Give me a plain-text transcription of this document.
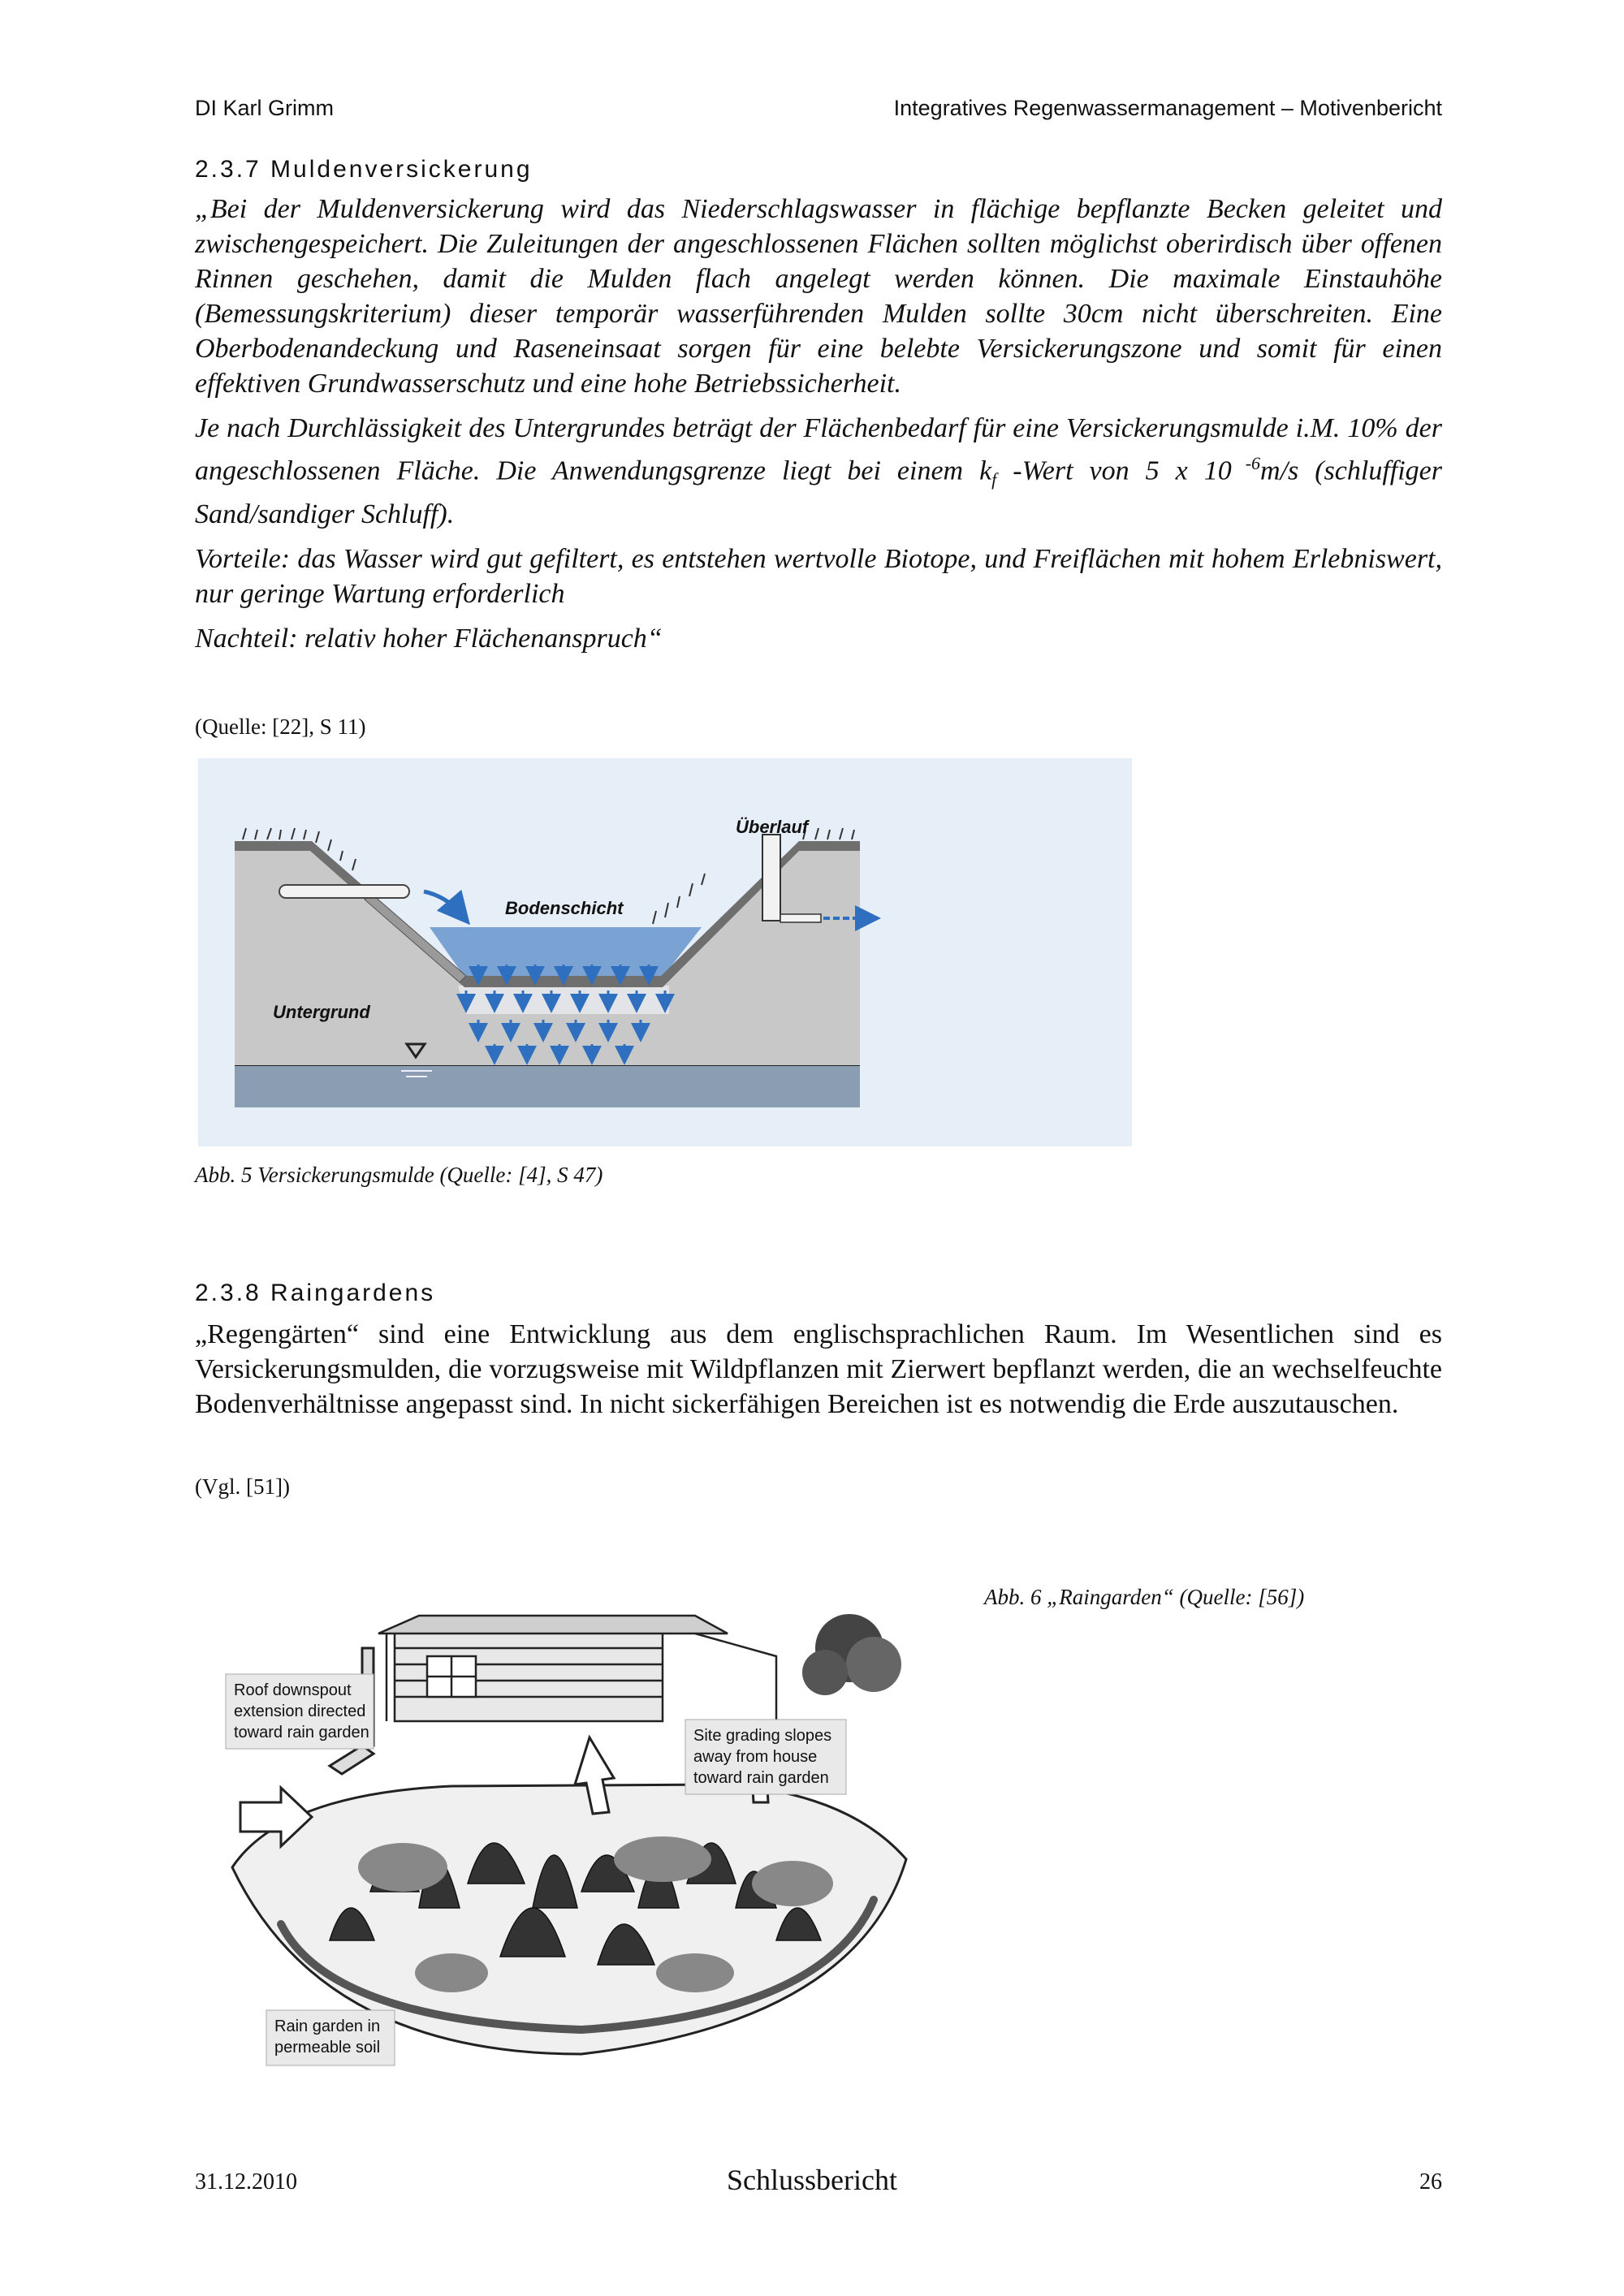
DI Karl Grimm	Integratives Regenwassermanagement – Motivenbericht
2.3.7 Muldenversickerung

„Bei der Muldenversickerung wird das Niederschlagswasser in flächige bepflanzte Becken geleitet und zwischengespeichert. Die Zuleitungen der angeschlossenen Flächen sollten möglichst oberirdisch über offenen Rinnen geschehen, damit die Mulden flach angelegt werden können. Die maximale Einstauhöhe (Bemessungskriterium) dieser temporär wasserführenden Mulden sollte 30cm nicht überschreiten. Eine Oberbodenandeckung und Raseneinsaat sorgen für eine belebte Versickerungszone und somit für einen effektiven Grundwasserschutz und eine hohe Betriebssicherheit.

Je nach Durchlässigkeit des Untergrundes beträgt der Flächenbedarf für eine Versickerungsmulde i.M. 10% der angeschlossenen Fläche. Die Anwendungsgrenze liegt bei einem $k_f$ -Wert von 5 x 10 $^{-6}$m/s (schluffiger Sand/sandiger Schluff).

Vorteile: das Wasser wird gut gefiltert, es entstehen wertvolle Biotope, und Freiflächen mit hohem Erlebniswert, nur geringe Wartung erforderlich

Nachteil: relativ hoher Flächenanspruch“

(Quelle: [22], S 11)
Überlauf
Bodenschicht
Untergrund
Abb. 5 Versickerungsmulde (Quelle: [4], S 47)
2.3.8 Raingardens

„Regengärten“ sind eine Entwicklung aus dem englischsprachlichen Raum. Im Wesentlichen sind es Versickerungsmulden, die vorzugsweise mit Wildpflanzen mit Zierwert bepflanzt werden, die an wechselfeuchte Bodenverhältnisse angepasst sind. In nicht sickerfähigen Bereichen ist es notwendig die Erde auszutauschen.

(Vgl. [51])
Abb. 6 „Raingarden“ (Quelle: [56])
Roof downspout extension directed toward rain garden	Site grading slopes away from house toward rain garden
Rain garden in permeable soil
31.12.2010	Schlussbericht	26
